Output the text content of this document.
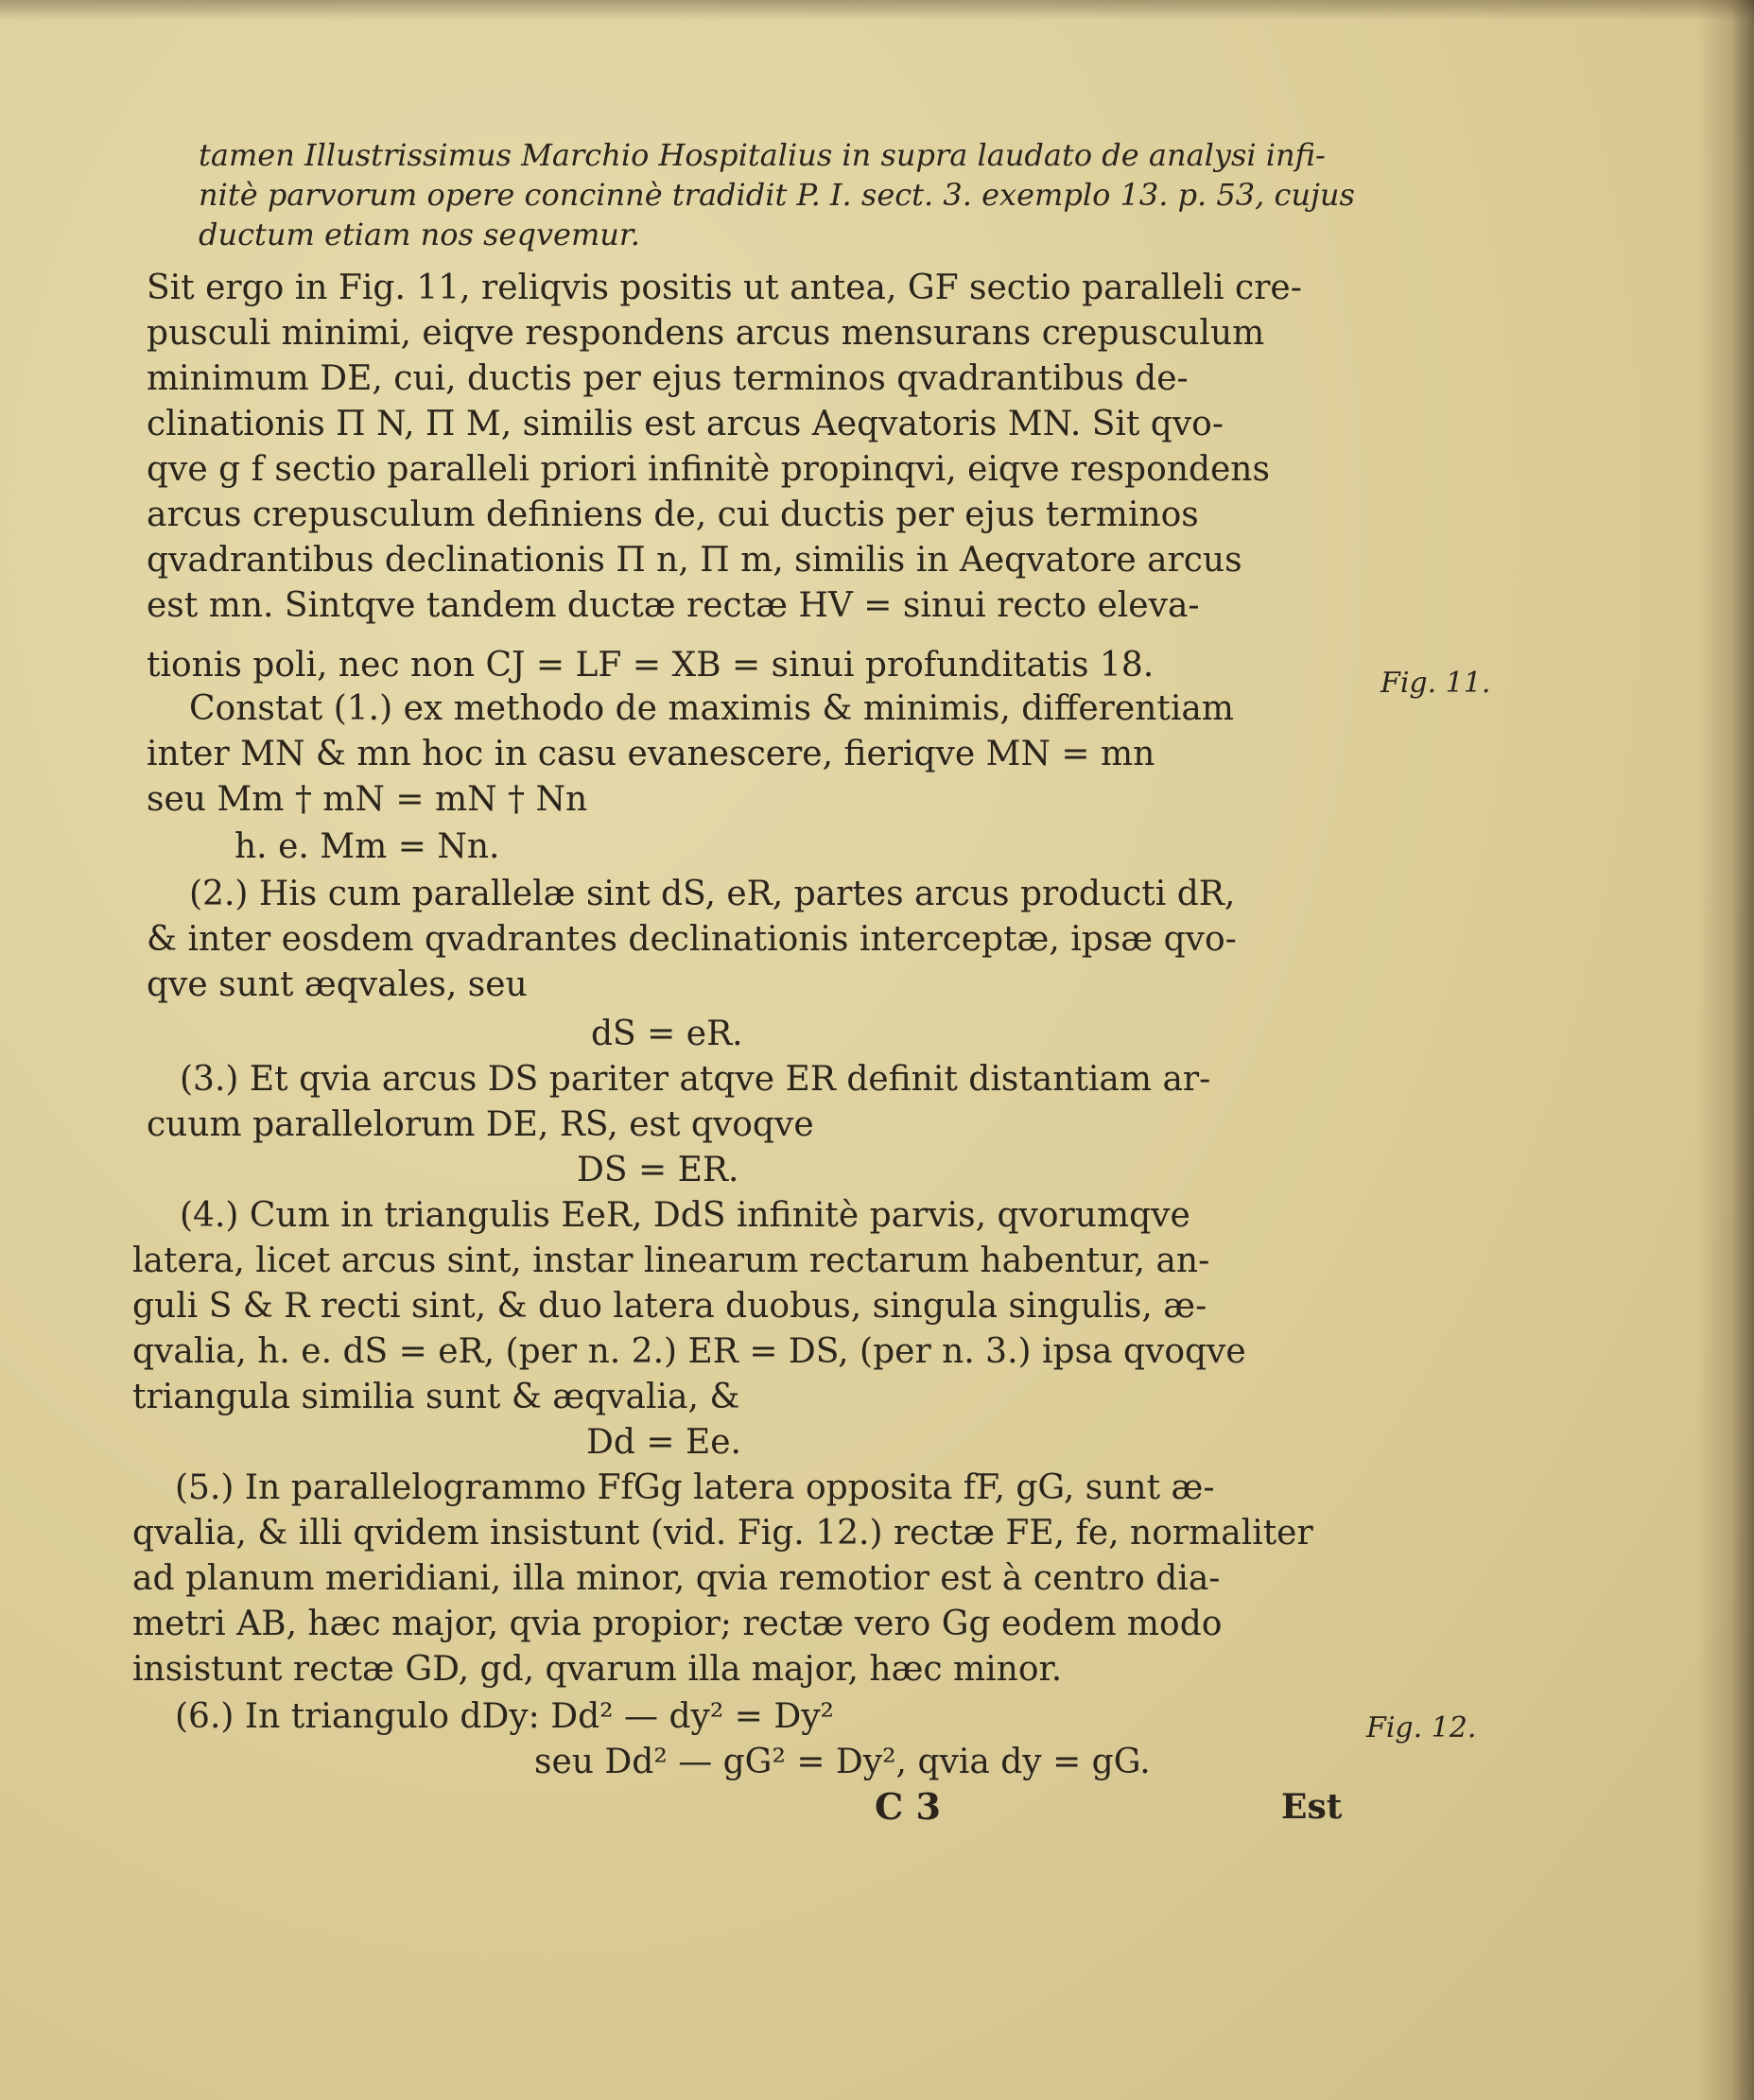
tamen Illustrissimus Marchio Hospitalius in supra laudato de analysi infi-
nitè parvorum opere concinnè tradidit P. I. sect. 3. exemplo 13. p. 53, cujus
ductum etiam nos seqvemur.
Sit ergo in Fig. 11, reliqvis positis ut antea, GF sectio paralleli cre-
pusculi minimi, eiqve respondens arcus mensurans crepusculum
minimum DE, cui, ductis per ejus terminos qvadrantibus de-
clinationis Π N, Π M, similis est arcus Aeqvatoris MN. Sit qvo-
qve g f sectio paralleli priori infinitè propinqvi, eiqve respondens
arcus crepusculum definiens de, cui ductis per ejus terminos
qvadrantibus declinationis Π n, Π m, similis in Aeqvatore arcus
est mn. Sintqve tandem ductæ rectæ HV = sinui recto eleva-
tionis poli, nec non CJ = LF = XB = sinui profunditatis 18.
Constat (1.) ex methodo de maximis & minimis, differentiam
inter MN & mn hoc in casu evanescere, fieriqve MN = mn
seu Mm † mN = mN † Nn
h. e. Mm = Nn.
(2.) His cum parallelæ sint dS, eR, partes arcus producti dR,
& inter eosdem qvadrantes declinationis interceptæ, ipsæ qvo-
qve sunt æqvales, seu
dS = eR.
(3.) Et qvia arcus DS pariter atqve ER definit distantiam ar-
cuum parallelorum DE, RS, est qvoqve
DS = ER.
(4.) Cum in triangulis EeR, DdS infinitè parvis, qvorumqve
latera, licet arcus sint, instar linearum rectarum habentur, an-
guli S & R recti sint, & duo latera duobus, singula singulis, æ-
qvalia, h. e. dS = eR, (per n. 2.) ER = DS, (per n. 3.) ipsa qvoqve
triangula similia sunt & æqvalia, &
Dd = Ee.
(5.) In parallelogrammo FfGg latera opposita fF, gG, sunt æ-
qvalia, & illi qvidem insistunt (vid. Fig. 12.) rectæ FE, fe, normaliter
ad planum meridiani, illa minor, qvia remotior est à centro dia-
metri AB, hæc major, qvia propior; rectæ vero Gg eodem modo
insistunt rectæ GD, gd, qvarum illa major, hæc minor.
(6.) In triangulo dDy: Dd² — dy² = Dy²
seu Dd² — gG² = Dy², qvia dy = gG.
Fig. 11.
Fig. 12.
C 3	Est
